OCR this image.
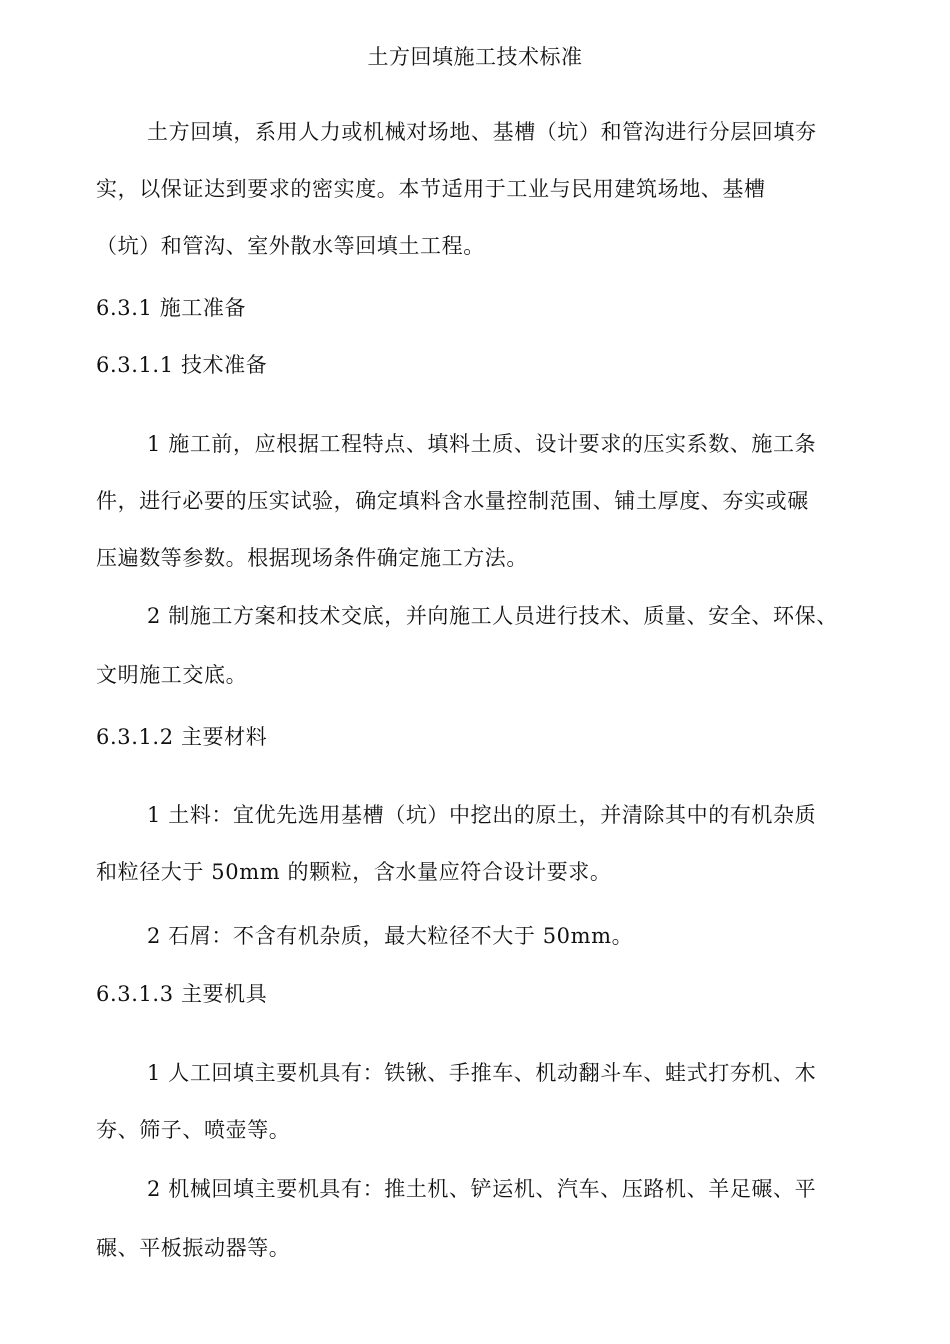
土方回填施工技术标准
土方回填，系用人力或机械对场地、基槽（坑）和管沟进行分层回填夯
实，以保证达到要求的密实度。本节适用于工业与民用建筑场地、基槽
（坑）和管沟、室外散水等回填土工程。
6.3.1 施工准备
6.3.1.1 技术准备
1 施工前，应根据工程特点、填料土质、设计要求的压实系数、施工条
件，进行必要的压实试验，确定填料含水量控制范围、铺土厚度、夯实或碾
压遍数等参数。根据现场条件确定施工方法。
2 制施工方案和技术交底，并向施工人员进行技术、质量、安全、环保、
文明施工交底。
6.3.1.2 主要材料
1 土料：宜优先选用基槽（坑）中挖出的原土，并清除其中的有机杂质
和粒径大于 50mm 的颗粒，含水量应符合设计要求。
2 石屑：不含有机杂质，最大粒径不大于 50mm。
6.3.1.3 主要机具
1 人工回填主要机具有：铁锹、手推车、机动翻斗车、蛙式打夯机、木
夯、筛子、喷壶等。
2 机械回填主要机具有：推土机、铲运机、汽车、压路机、羊足碾、平
碾、平板振动器等。
